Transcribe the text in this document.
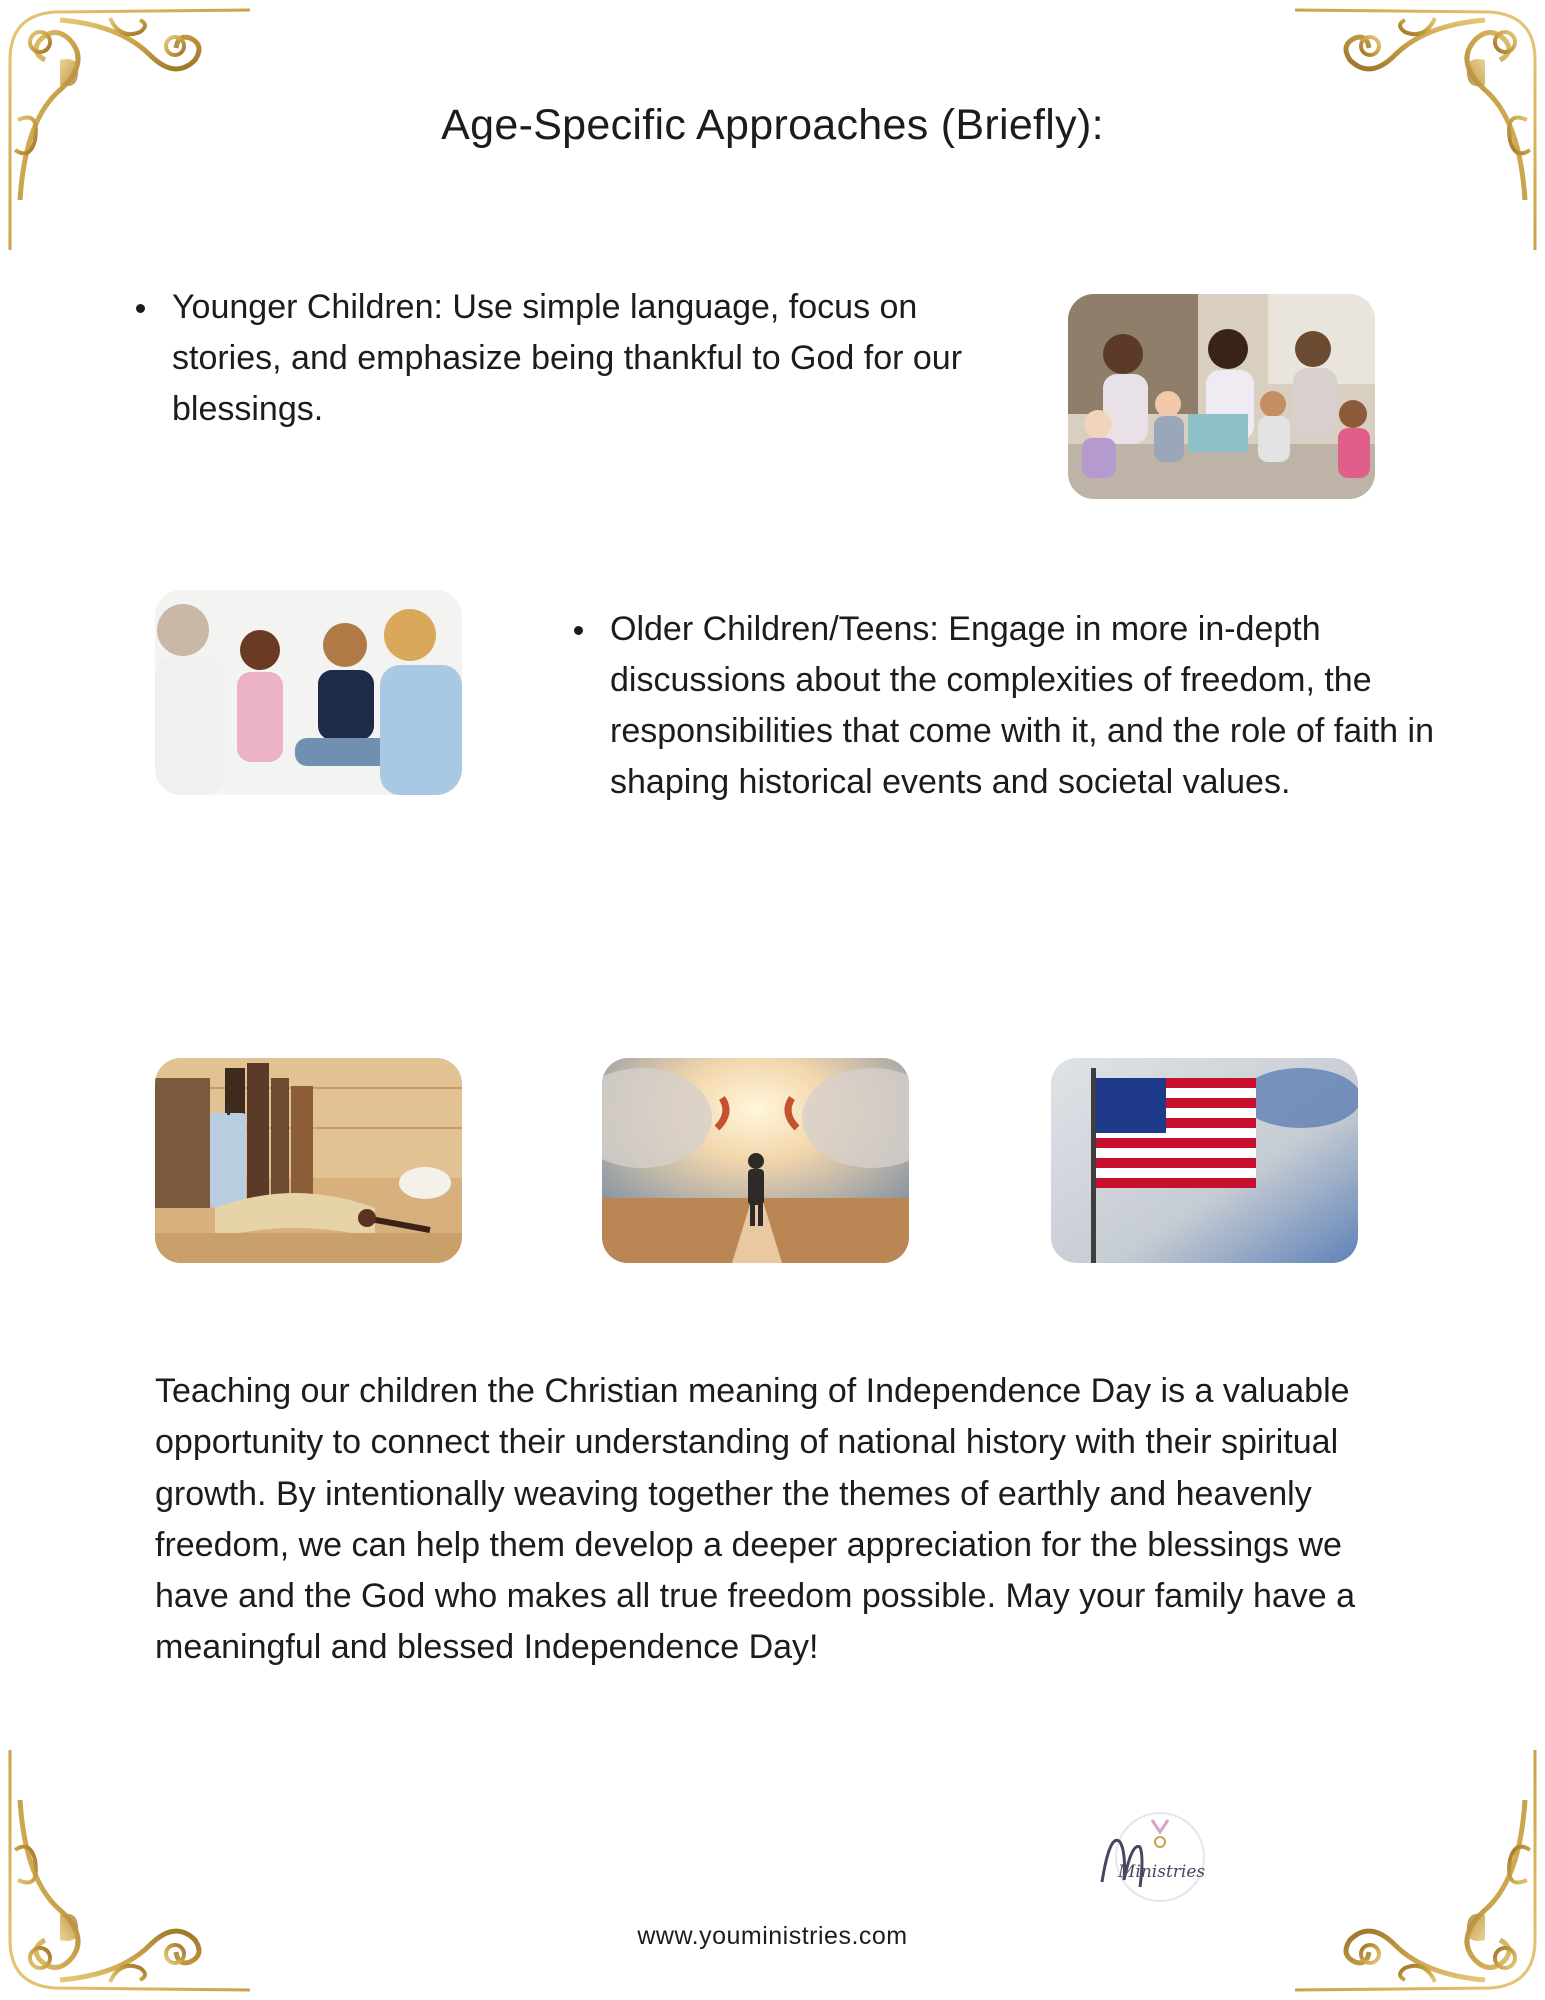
Age-Specific Approaches (Briefly):
Younger Children: Use simple language, focus on stories, and emphasize being thankful to God for our blessings.
Older Children/Teens: Engage in more in-depth discussions about the complexities of freedom, the responsibilities that come with it, and the role of faith in shaping historical events and societal values.

Teaching our children the Christian meaning of Independence Day is a valuable opportunity to connect their understanding of national history with their spiritual growth. By intentionally weaving together the themes of earthly and heavenly freedom, we can help them develop a deeper appreciation for the blessings we have and the God who makes all true freedom possible. May your family have a meaningful and blessed Independence Day!

Ministries
www.youministries.com
